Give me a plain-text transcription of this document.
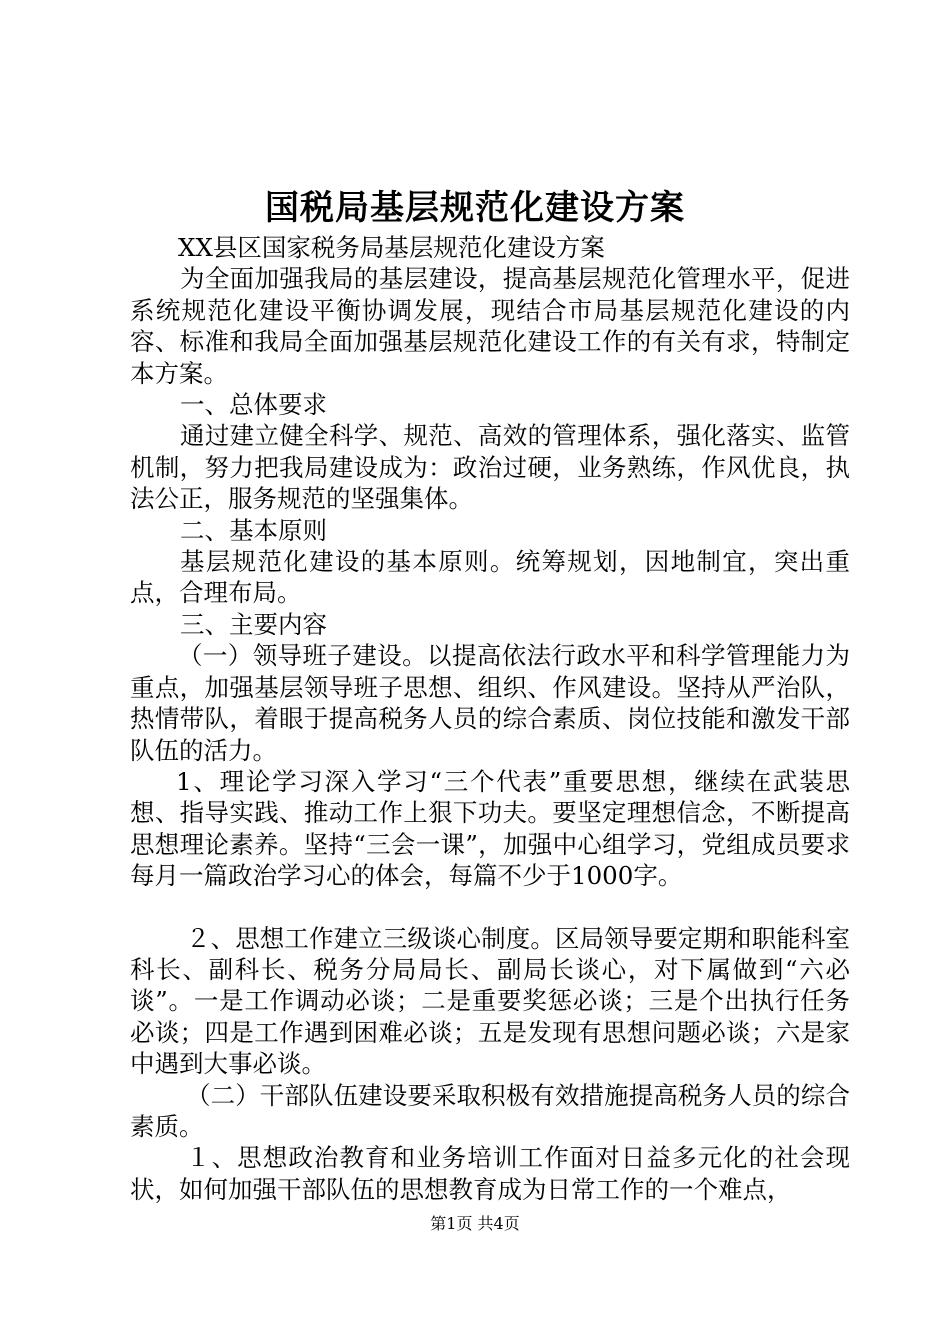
国税局基层规范化建设方案

XX县区国家税务局基层规范化建设方案

为全面加强我局的基层建设，提高基层规范化管理水平，促进系统规范化建设平衡协调发展，现结合市局基层规范化建设的内容、标准和我局全面加强基层规范化建设工作的有关有求，特制定本方案。

一、总体要求

通过建立健全科学、规范、高效的管理体系，强化落实、监管机制，努力把我局建设成为：政治过硬，业务熟练，作风优良，执法公正，服务规范的坚强集体。

二、基本原则

基层规范化建设的基本原则。统筹规划，因地制宜，突出重点，合理布局。

三、主要内容

（一）领导班子建设。以提高依法行政水平和科学管理能力为重点，加强基层领导班子思想、组织、作风建设。坚持从严治队，热情带队，着眼于提高税务人员的综合素质、岗位技能和激发干部队伍的活力。

1、理论学习深入学习“三个代表”重要思想，继续在武装思想、指导实践、推动工作上狠下功夫。要坚定理想信念，不断提高思想理论素养。坚持“三会一课”，加强中心组学习，党组成员要求每月一篇政治学习心的体会，每篇不少于1000字。

２、思想工作建立三级谈心制度。区局领导要定期和职能科室科长、副科长、税务分局局长、副局长谈心，对下属做到“六必谈”。一是工作调动必谈；二是重要奖惩必谈；三是个出执行任务必谈；四是工作遇到困难必谈；五是发现有思想问题必谈；六是家中遇到大事必谈。

（二）干部队伍建设要采取积极有效措施提高税务人员的综合素质。

１、思想政治教育和业务培训工作面对日益多元化的社会现状，如何加强干部队伍的思想教育成为日常工作的一个难点，

第1页 共4页
